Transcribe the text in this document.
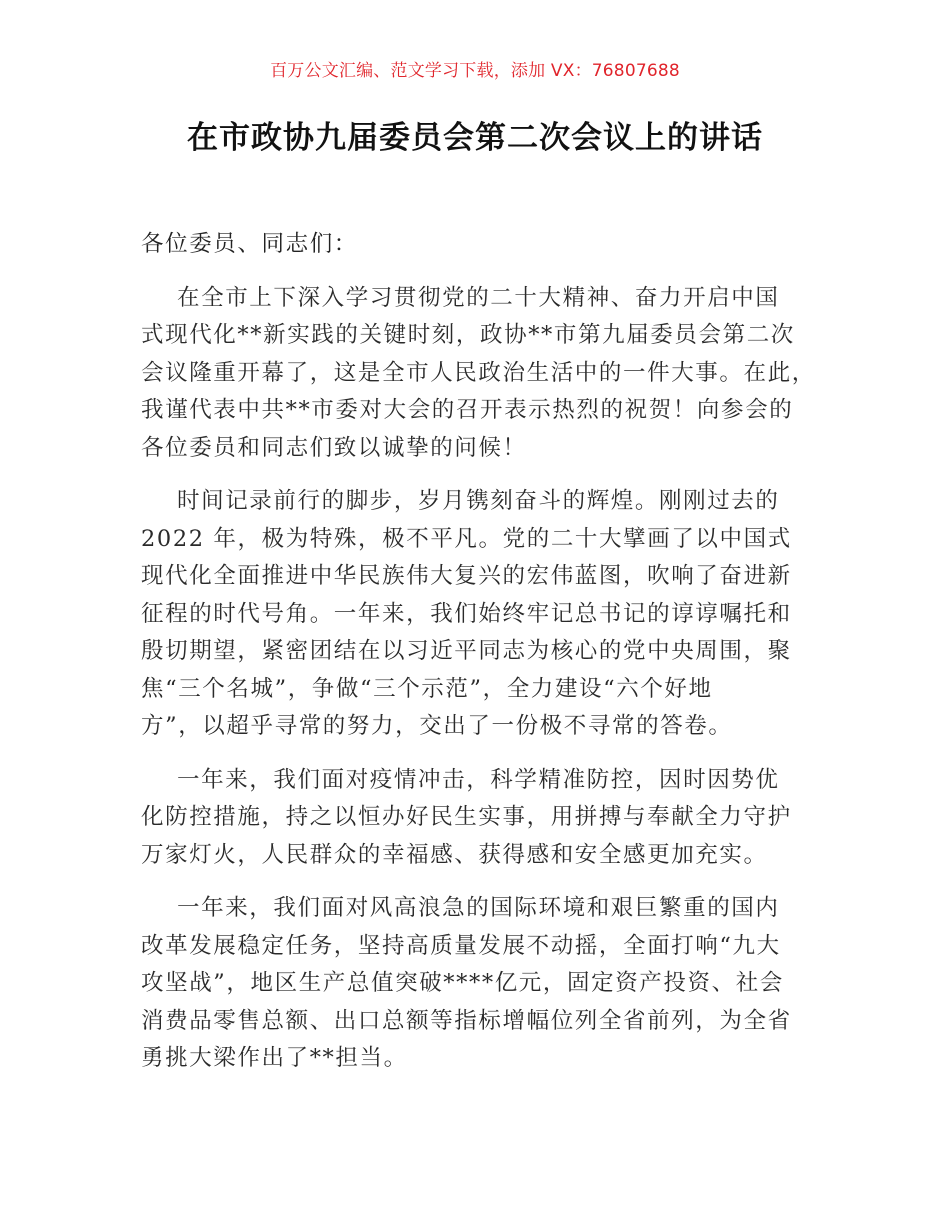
百万公文汇编、范文学习下载，添加 VX：76807688
在市政协九届委员会第二次会议上的讲话
各位委员、同志们：
在全市上下深入学习贯彻党的二十大精神、奋力开启中国
式现代化**新实践的关键时刻，政协**市第九届委员会第二次
会议隆重开幕了，这是全市人民政治生活中的一件大事。在此，
我谨代表中共**市委对大会的召开表示热烈的祝贺！向参会的
各位委员和同志们致以诚挚的问候！
时间记录前行的脚步，岁月镌刻奋斗的辉煌。刚刚过去的
2022 年，极为特殊，极不平凡。党的二十大擘画了以中国式
现代化全面推进中华民族伟大复兴的宏伟蓝图，吹响了奋进新
征程的时代号角。一年来，我们始终牢记总书记的谆谆嘱托和
殷切期望，紧密团结在以习近平同志为核心的党中央周围，聚
焦“三个名城”，争做“三个示范”，全力建设“六个好地
方”，以超乎寻常的努力，交出了一份极不寻常的答卷。
一年来，我们面对疫情冲击，科学精准防控，因时因势优
化防控措施，持之以恒办好民生实事，用拼搏与奉献全力守护
万家灯火，人民群众的幸福感、获得感和安全感更加充实。
一年来，我们面对风高浪急的国际环境和艰巨繁重的国内
改革发展稳定任务，坚持高质量发展不动摇，全面打响“九大
攻坚战”，地区生产总值突破****亿元，固定资产投资、社会
消费品零售总额、出口总额等指标增幅位列全省前列，为全省
勇挑大梁作出了**担当。
